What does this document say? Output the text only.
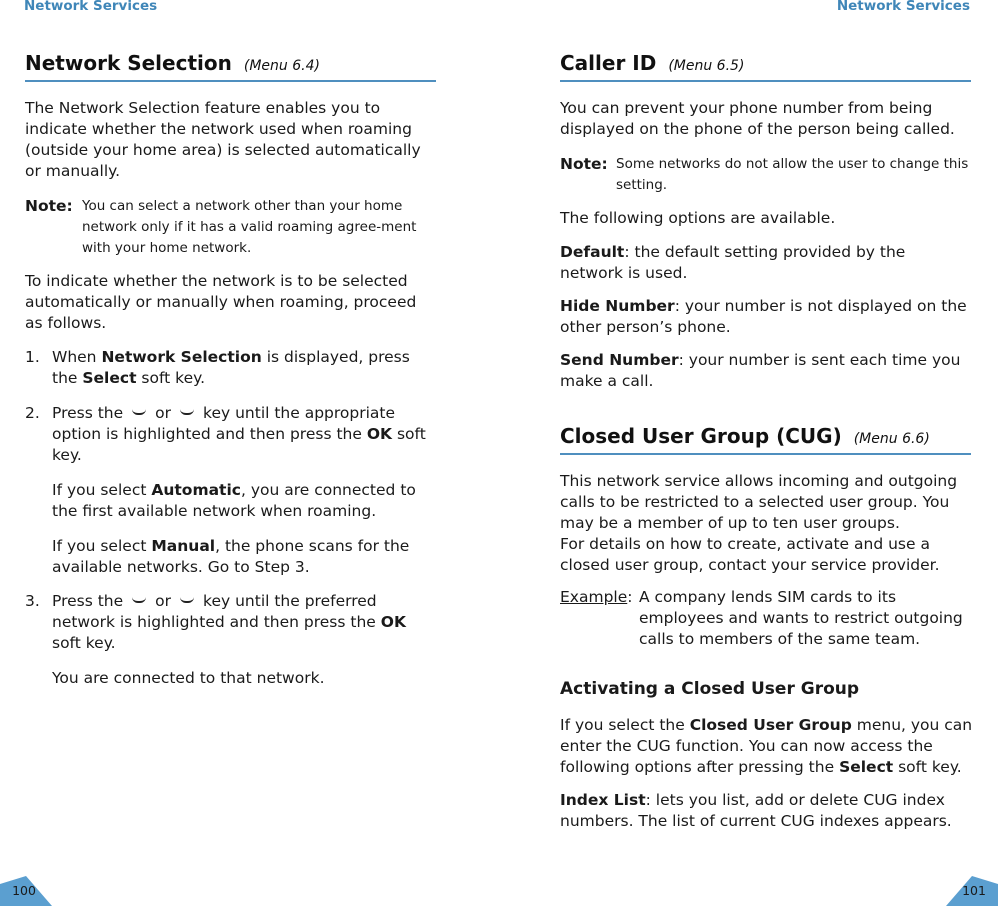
Network Services
Network Selection (Menu 6.4)

The Network Selection feature enables you to indicate whether the network used when roaming (outside your home area) is selected automatically or manually.

Note: You can select a network other than your home network only if it has a valid roaming agree-ment with your home network.

To indicate whether the network is to be selected automatically or manually when roaming, proceed as follows.

1. When Network Selection is displayed, press the Select soft key.

2. Press the or key until the appropriate option is highlighted and then press the OK soft key.

If you select Automatic, you are connected to the first available network when roaming.

If you select Manual, the phone scans for the available networks. Go to Step 3.

3. Press the or key until the preferred network is highlighted and then press the OK soft key.

You are connected to that network.

100
Network Services
Caller ID (Menu 6.5)

You can prevent your phone number from being displayed on the phone of the person being called.

Note: Some networks do not allow the user to change this setting.

The following options are available.

Default: the default setting provided by the network is used.

Hide Number: your number is not displayed on the other person’s phone.

Send Number: your number is sent each time you make a call.

Closed User Group (CUG) (Menu 6.6)

This network service allows incoming and outgoing calls to be restricted to a selected user group. You may be a member of up to ten user groups.

For details on how to create, activate and use a closed user group, contact your service provider.

Example: A company lends SIM cards to its employees and wants to restrict outgoing calls to members of the same team.
Activating a Closed User Group

If you select the Closed User Group menu, you can enter the CUG function. You can now access the following options after pressing the Select soft key.

Index List: lets you list, add or delete CUG index numbers. The list of current CUG indexes appears.

101
